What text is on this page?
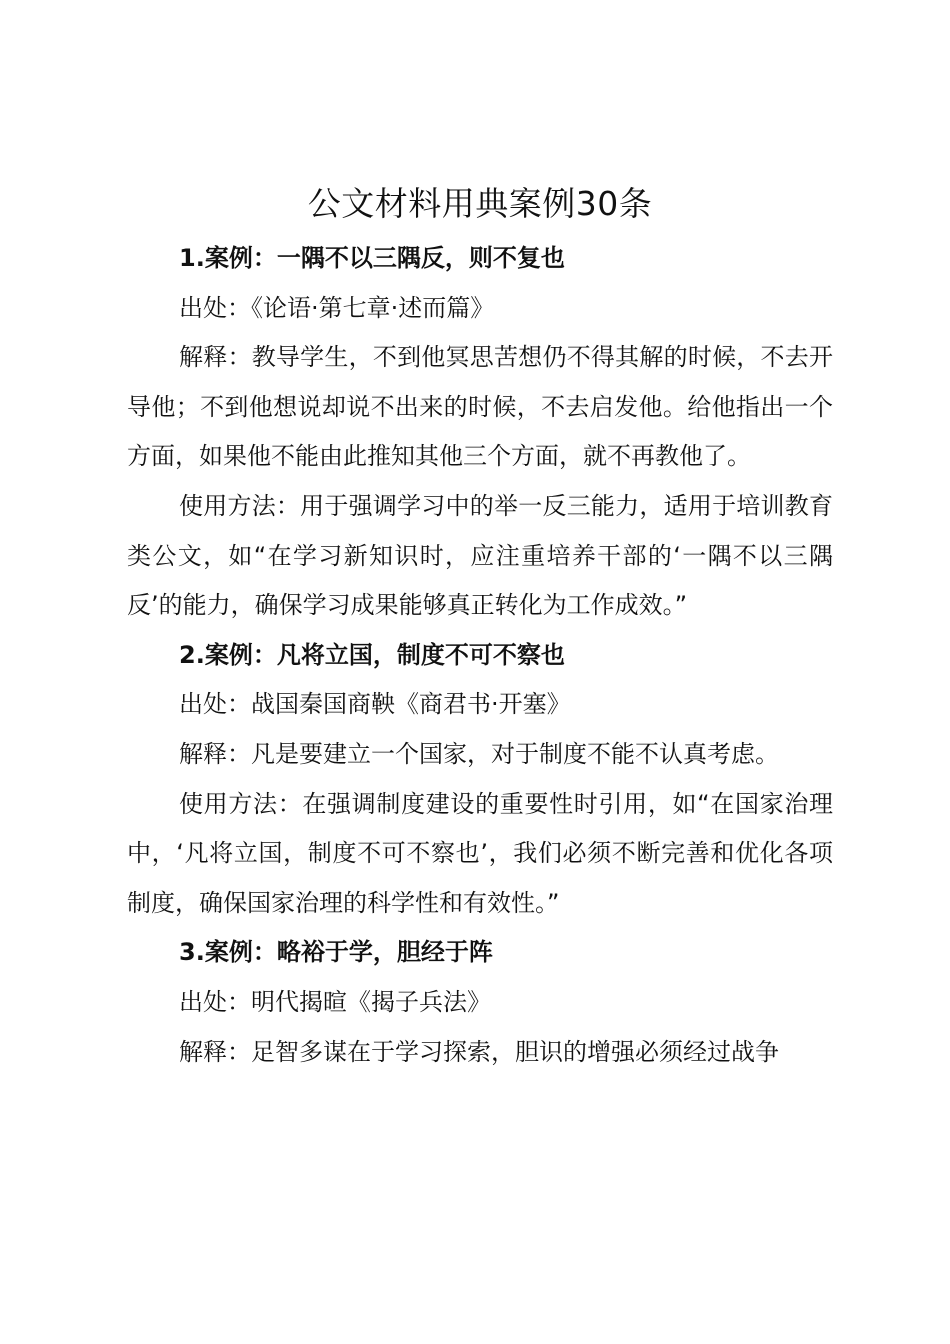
公文材料用典案例30条

1.案例：一隅不以三隅反，则不复也

出处：《论语·第七章·述而篇》

解释：教导学生，不到他冥思苦想仍不得其解的时候，不去开导他；不到他想说却说不出来的时候，不去启发他。给他指出一个方面，如果他不能由此推知其他三个方面，就不再教他了。

使用方法：用于强调学习中的举一反三能力，适用于培训教育类公文，如“在学习新知识时，应注重培养干部的‘一隅不以三隅反’的能力，确保学习成果能够真正转化为工作成效。”

2.案例：凡将立国，制度不可不察也

出处：战国秦国商鞅《商君书·开塞》

解释：凡是要建立一个国家，对于制度不能不认真考虑。

使用方法：在强调制度建设的重要性时引用，如“在国家治理中，‘凡将立国，制度不可不察也’，我们必须不断完善和优化各项制度，确保国家治理的科学性和有效性。”

3.案例：略裕于学，胆经于阵

出处：明代揭暄《揭子兵法》

解释：足智多谋在于学习探索，胆识的增强必须经过战争
